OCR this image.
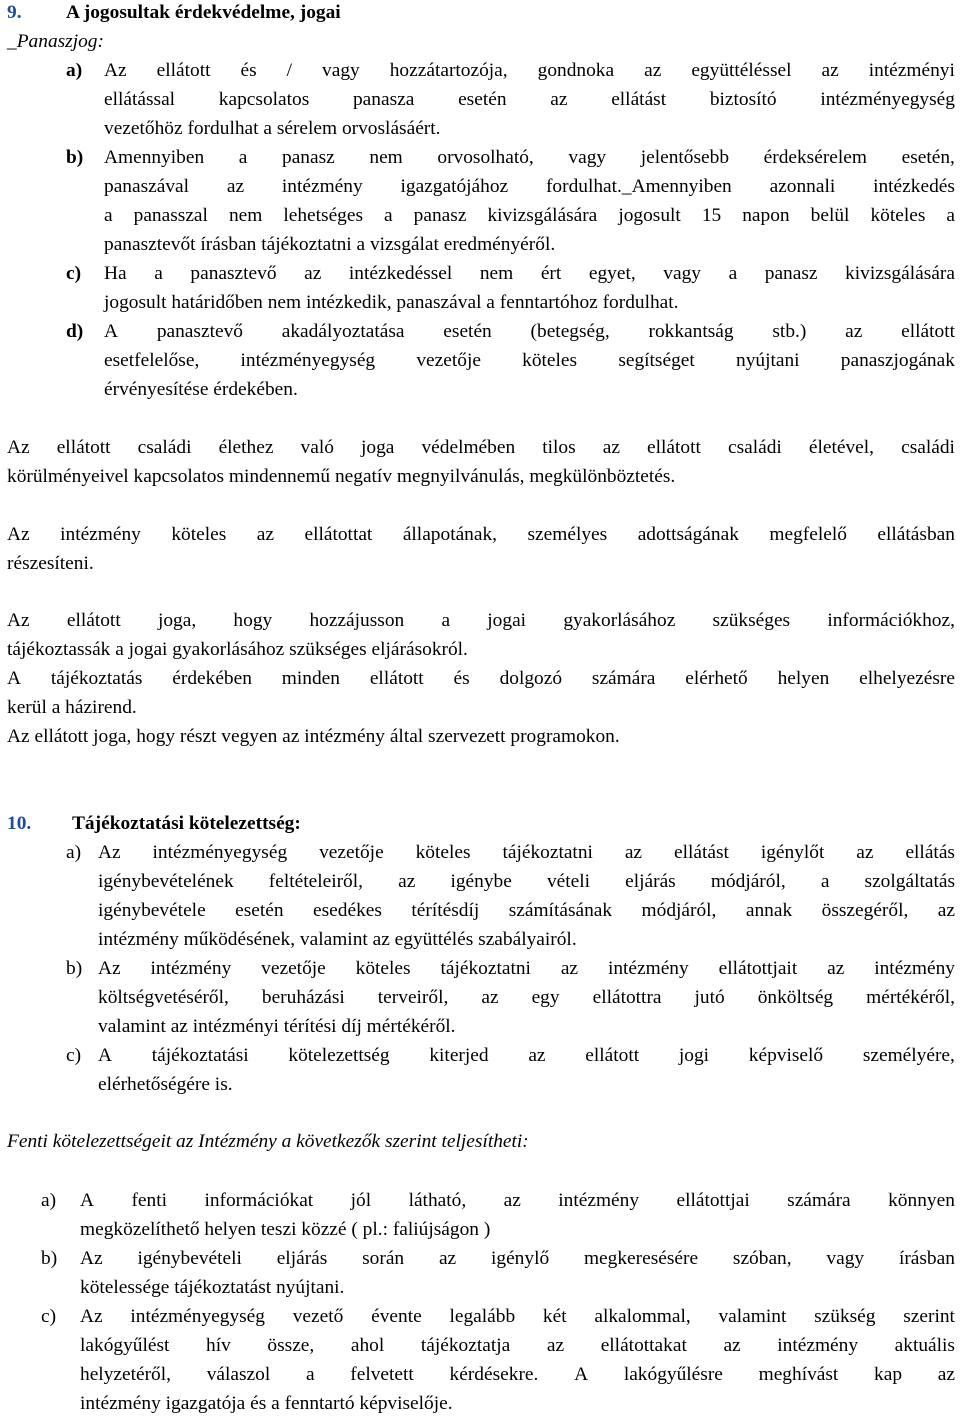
9. A jogosultak érdekvédelme, jogai
_Panaszjog:
a) Az ellátott és / vagy hozzátartozója, gondnoka az együttéléssel az intézményi
ellátással kapcsolatos panasza esetén az ellátást biztosító intézményegység
vezetőhöz fordulhat a sérelem orvoslásáért.
b) Amennyiben a panasz nem orvosolható, vagy jelentősebb érdeksérelem esetén,
panaszával az intézmény igazgatójához fordulhat._Amennyiben azonnali intézkedés
a panasszal nem lehetséges a panasz kivizsgálására jogosult 15 napon belül köteles a
panasztevőt írásban tájékoztatni a vizsgálat eredményéről.
c) Ha a panasztevő az intézkedéssel nem ért egyet, vagy a panasz kivizsgálására
jogosult határidőben nem intézkedik, panaszával a fenntartóhoz fordulhat.
d) A panasztevő akadályoztatása esetén (betegség, rokkantság stb.) az ellátott
esetfelelőse, intézményegység vezetője köteles segítséget nyújtani panaszjogának
érvényesítése érdekében.
Az ellátott családi élethez való joga védelmében tilos az ellátott családi életével, családi
körülményeivel kapcsolatos mindennemű negatív megnyilvánulás, megkülönböztetés.
Az intézmény köteles az ellátottat állapotának, személyes adottságának megfelelő ellátásban
részesíteni.
Az ellátott joga, hogy hozzájusson a jogai gyakorlásához szükséges információkhoz,
tájékoztassák a jogai gyakorlásához szükséges eljárásokról.
A tájékoztatás érdekében minden ellátott és dolgozó számára elérhető helyen elhelyezésre
kerül a házirend.
Az ellátott joga, hogy részt vegyen az intézmény által szervezett programokon.
10. Tájékoztatási kötelezettség:
a) Az intézményegység vezetője köteles tájékoztatni az ellátást igénylőt az ellátás
igénybevételének feltételeiről, az igénybe vételi eljárás módjáról, a szolgáltatás
igénybevétele esetén esedékes térítésdíj számításának módjáról, annak összegéről, az
intézmény működésének, valamint az együttélés szabályairól.
b) Az intézmény vezetője köteles tájékoztatni az intézmény ellátottjait az intézmény
költségvetéséről, beruházási terveiről, az egy ellátottra jutó önköltség mértékéről,
valamint az intézményi térítési díj mértékéről.
c) A tájékoztatási kötelezettség kiterjed az ellátott jogi képviselő személyére,
elérhetőségére is.
Fenti kötelezettségeit az Intézmény a következők szerint teljesítheti:
a) A fenti információkat jól látható, az intézmény ellátottjai számára könnyen
megközelíthető helyen teszi közzé ( pl.: faliújságon )
b) Az igénybevételi eljárás során az igénylő megkeresésére szóban, vagy írásban
kötelessége tájékoztatást nyújtani.
c) Az intézményegység vezető évente legalább két alkalommal, valamint szükség szerint
lakógyűlést hív össze, ahol tájékoztatja az ellátottakat az intézmény aktuális
helyzetéről, válaszol a felvetett kérdésekre. A lakógyűlésre meghívást kap az
intézmény igazgatója és a fenntartó képviselője.
